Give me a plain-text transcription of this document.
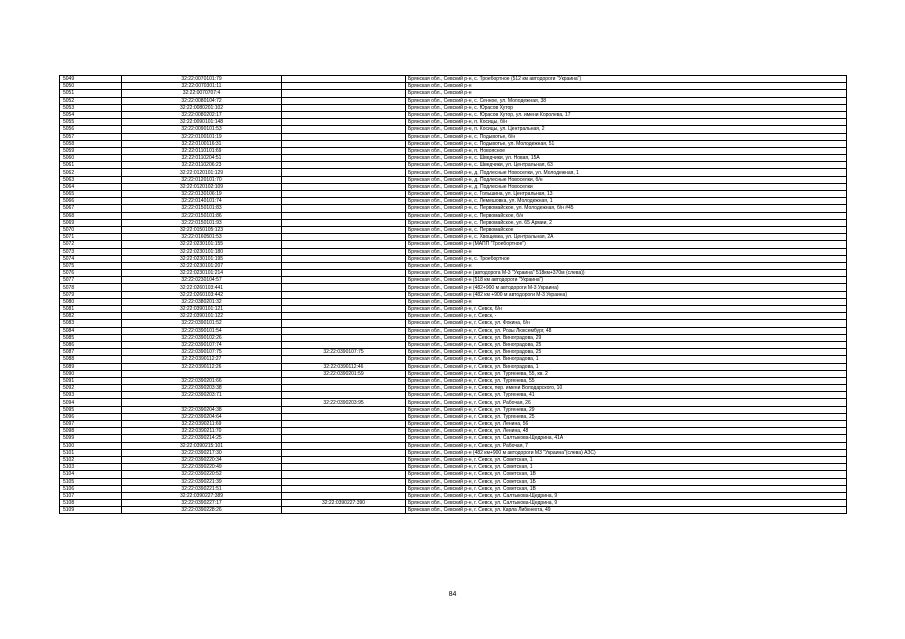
5049	32:22:0070101:79		Брянская обл., Севский р-н, с. Троебортное (512 км автодороги "Украина")
5050	32:22:0070301:11		Брянская обл., Севский р-н
5051	32:22:0070707:4		Брянская обл., Севский р-н
5052	32:22:0080104:72		Брянская обл., Севский р-н, с. Сенное, ул. Молодежная, 38
5053	32:22:0080201:102		Брянская обл., Севский р-н, с. Юрасов Хутор
5054	32:22:0080202:17		Брянская обл., Севский р-н, с. Юрасов Хутор, ул. имени Королева, 17
5055	32:22:0090101:148		Брянская обл., Севский р-н, п. Косицы, б/н
5056	32:22:0090101:53		Брянская обл., Севский р-н, п. Косицы, ул. Центральная, 2
5057	32:22:0100101:19		Брянская обл., Севский р-н, с. Подывотье, б/н
5058	32:22:0100116:31		Брянская обл., Севский р-н, с. Подывотье, ул. Молодежная, 51
5059	32:22:0110101:69		Брянская обл., Севский р-н, п. Новоясное
5060	32:22:0110204:51		Брянская обл., Севский р-н, с. Шведчики, ул. Новая, 15А
5061	32:22:0110206:23		Брянская обл., Севский р-н, с. Шведчики, ул. Центральная, 63
5062	32:22:0120101:129		Брянская обл., Севский р-н, д. Подлесные Новоселки, ул. Молодежная, 1
5063	32:22:0120101:70		Брянская обл., Севский р-н, д. Подлесные Новоселки, б/н
5064	32:22:0120102:109		Брянская обл., Севский р-н, д. Подлесные Новоселки
5065	32:22:0130106:19		Брянская обл., Севский р-н, с. Гольшина, ул. Центральная, 13
5066	32:22:0140101:74		Брянская обл., Севский р-н, с. Лемешовка, ул. Молодежная, 1
5067	32:22:0150101:83		Брянская обл., Севский р-н, с. Первомайское, ул. Молодежная, б/н #45
5068	32:22:0150101:86		Брянская обл., Севский р-н, с. Первомайское, б/н
5069	32:22:0150101:93		Брянская обл., Севский р-н, с. Первомайское, ул. 65 Армии, 2
5070	32:22:0150105:123		Брянская обл., Севский р-н, с. Первомайское
5071	32:22:0160501:53		Брянская обл., Севский р-н, с. Хвощевка, ул. Центральная, 2А
5072	32:22:0230101:155		Брянская обл., Севский р-н (МАПП "Троебортное")
5073	32:22:0230101:180		Брянская обл., Севский р-н
5074	32:22:0230101:195		Брянская обл., Севский р-н, с. Троебортное
5075	32:22:0230101:207		Брянская обл., Севский р-н
5076	32:22:0230101:214		Брянская обл., Севский р-н (автодорога М-3 "Украина" 518км+370м (слева))
5077	32:22:0230104:57		Брянская обл., Севский р-н (518 км автодороги "Украина")
5078	32:22:0260103:441		Брянская обл., Севский р-н (482+900 м автодороги М-3 Украина)
5079	32:22:0260103:442		Брянская обл., Севский р-н (482 км +900 м автодороги М-3 Украина)
5080	32:22:0380201:32		Брянская обл., Севский р-н
5081	32:22:0390101:121		Брянская обл., Севский р-н, г. Севск, б/н
5082	32:22:0390101:122		Брянская обл., Севский р-н, г. Севск, -
5083	32:22:0390101:52		Брянская обл., Севский р-н, г. Севск, ул. Фокина, б/н
5084	32:22:0390101:54		Брянская обл., Севский р-н, г. Севск, ул. Розы Люксембург, 48
5085	32:22:0390102:26		Брянская обл., Севский р-н, г. Севск, ул. Виноградова, 29
5086	32:22:0390107:74		Брянская обл., Севский р-н, г. Севск, ул. Виноградова, 25
5087	32:22:0390107:75	32:22:0390107:75	Брянская обл., Севский р-н, г. Севск, ул. Виноградова, 25
5088	32:22:0390112:27		Брянская обл., Севский р-н, г. Севск, ул. Виноградова, 1
5089	32:22:0390112:26	32:22:0390112:46	Брянская обл., Севский р-н, г. Севск, ул. Виноградова, 1
5090		32:22:0390201:59	Брянская обл., Севский р-н, г. Севск, ул. Тургенева, 55, кв. 2
5091	32:22:0390201:66		Брянская обл., Севский р-н, г. Севск, ул. Тургенева, 55
5092	32:22:0390203:38		Брянская обл., Севский р-н, г. Севск, пер. имени Володарского, 10
5093	32:22:0390203:71		Брянская обл., Севский р-н, г. Севск, ул. Тургенева, 41
5094		32:22:0390203:95	Брянская обл., Севский р-н, г. Севск, ул. Рабочая, 26
5095	32:22:0390204:38		Брянская обл., Севский р-н, г. Севск, ул. Тургенева, 29
5096	32:22:0390204:64		Брянская обл., Севский р-н, г. Севск, ул. Тургенева, 25
5097	32:22:0390211:69		Брянская обл., Севский р-н, г. Севск, ул. Ленина, 56
5098	32:22:0390211:70		Брянская обл., Севский р-н, г. Севск, ул. Ленина, 48
5099	32:22:0390214:25		Брянская обл., Севский р-н, г. Севск, ул. Салтыкова-Щедрина, 41А
5100	32:22:0390215:101		Брянская обл., Севский р-н, г. Севск, ул. Рабочая, 7
5101	32:22:0390217:30		Брянская обл., Севский р-н (482 км+900 м автодороги М3 "Украина"(слева) АЗС)
5102	32:22:0390220:34		Брянская обл., Севский р-н, г. Севск, ул. Советская, 1
5103	32:22:0390220:49		Брянская обл., Севский р-н, г. Севск, ул. Советская, 1
5104	32:22:0390220:52		Брянская обл., Севский р-н, г. Севск, ул. Советская, 1В
5105	32:22:0390221:39		Брянская обл., Севский р-н, г. Севск, ул. Советская, 1Б
5106	32:22:0390221:51		Брянская обл., Севский р-н, г. Севск, ул. Советская, 1В
5107	32:22:0390227:389		Брянская обл., Севский р-н, г. Севск, ул. Салтыкова-Щедрина, 9
5108	32:22:0390227:17	32:22:0390227:390	Брянская обл., Севский р-н, г. Севск, ул. Салтыкова-Щедрина, 9
5109	32:22:0390228:26		Брянская обл., Севский р-н, г. Севск, ул. Карла Либкнехта, 49
84
